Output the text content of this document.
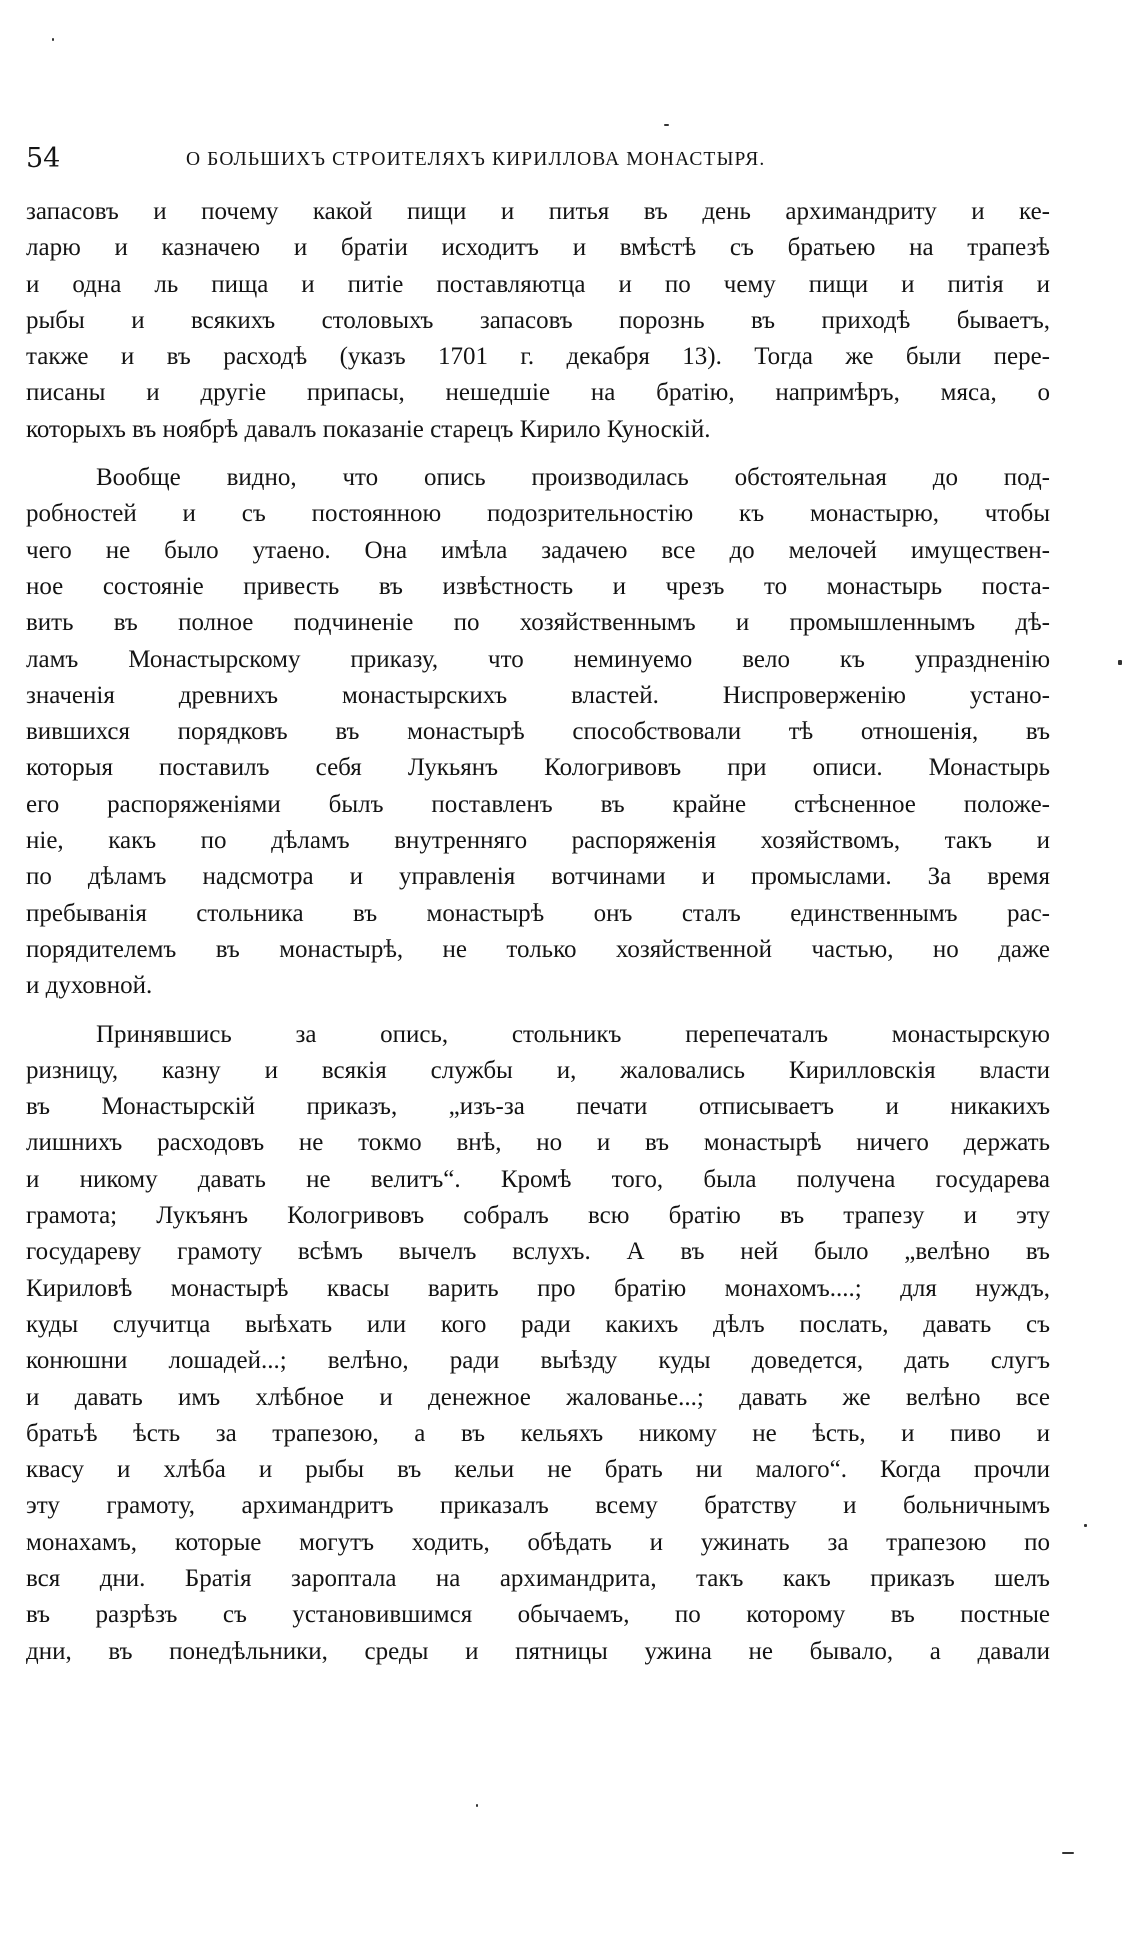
54	О БОЛЬШИХЪ СТРОИТЕЛЯХЪ КИРИЛЛОВА МОНАСТЫРЯ.
запасовъ и почему какой пищи и питья въ день архимандриту и ке-
ларю и казначею и братіи исходитъ и вмѣстѣ съ братьею на трапезѣ
и одна ль пища и питіе поставляютца и по чему пищи и питія и
рыбы и всякихъ столовыхъ запасовъ порознь въ приходѣ бываетъ,
также и въ расходѣ (указъ 1701 г. декабря 13). Тогда же были пере-
писаны и другіе припасы, нешедшіе на братію, напримѣръ, мяса, о
которыхъ въ ноябрѣ давалъ показаніе старецъ Кирило Куноскій.
Вообще видно, что опись производилась обстоятельная до под-
робностей и съ постоянною подозрительностію къ монастырю, чтобы
чего не было утаено. Она имѣла задачею все до мелочей имуществен-
ное состояніе привесть въ извѣстность и чрезъ то монастырь поста-
вить въ полное подчиненіе по хозяйственнымъ и промышленнымъ дѣ-
ламъ Монастырскому приказу, что неминуемо вело къ упраздненію
значенія древнихъ монастырскихъ властей. Ниспроверженію устано-
вившихся порядковъ въ монастырѣ способствовали тѣ отношенія, въ
которыя поставилъ себя Лукьянъ Кологривовъ при описи. Монастырь
его распоряженіями былъ поставленъ въ крайне стѣсненное положе-
ніе, какъ по дѣламъ внутренняго распоряженія хозяйствомъ, такъ и
по дѣламъ надсмотра и управленія вотчинами и промыслами. За время
пребыванія стольника въ монастырѣ онъ сталъ единственнымъ рас-
порядителемъ въ монастырѣ, не только хозяйственной частью, но даже
и духовной.
Принявшись за опись, стольникъ перепечаталъ монастырскую
ризницу, казну и всякія службы и, жаловались Кирилловскія власти
въ Монастырскій приказъ, „изъ-за печати отписываетъ и никакихъ
лишнихъ расходовъ не токмо внѣ, но и въ монастырѣ ничего держать
и никому давать не велитъ“. Кромѣ того, была получена государева
грамота; Лукъянъ Кологривовъ собралъ всю братію въ трапезу и эту
государеву грамоту всѣмъ вычелъ вслухъ. А въ ней было „велѣно въ
Кириловѣ монастырѣ квасы варить про братію монахомъ....; для нуждъ,
куды случитца выѣхать или кого ради какихъ дѣлъ послать, давать съ
конюшни лошадей...; велѣно, ради выѣзду куды доведется, дать слугъ
и давать имъ хлѣбное и денежное жалованье...; давать же велѣно все
братьѣ ѣсть за трапезою, а въ кельяхъ никому не ѣсть, и пиво и
квасу и хлѣба и рыбы въ кельи не брать ни малого“. Когда прочли
эту грамоту, архимандритъ приказалъ всему братству и больничнымъ
монахамъ, которые могутъ ходить, обѣдать и ужинать за трапезою по
вся дни. Братія зароптала на архимандрита, такъ какъ приказъ шелъ
въ разрѣзъ съ установившимся обычаемъ, по которому въ постные
дни, въ понедѣльники, среды и пятницы ужина не бывало, а давали
